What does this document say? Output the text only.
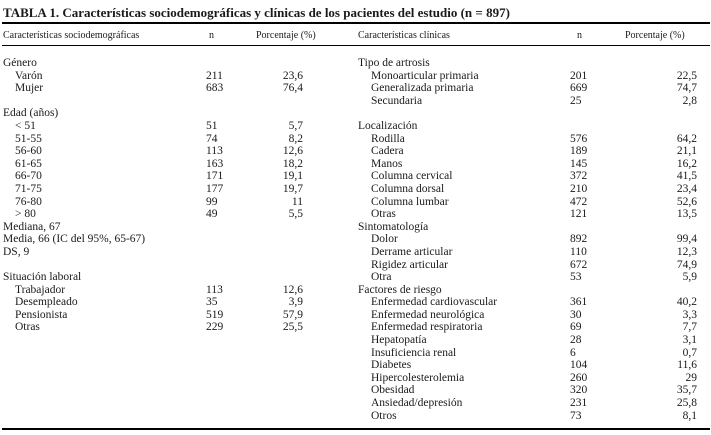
TABLA 1. Características sociodemográficas y clínicas de los pacientes del estudio (n = 897)
Características sociodemográficas	n	Porcentaje (%)	Características clínicas	n	Porcentaje (%)
Género
Varón	211	23,6
Mujer	683	76,4
Edad (años)
< 51	51	5,7
51-55	74	8,2
56-60	113	12,6
61-65	163	18,2
66-70	171	19,1
71-75	177	19,7
76-80	99	11
> 80	49	5,5
Mediana, 67
Media, 66 (IC del 95%, 65-67)
DS, 9
Situación laboral
Trabajador	113	12,6
Desempleado	35	3,9
Pensionista	519	57,9
Otras	229	25,5
Tipo de artrosis
Monoarticular primaria	201	22,5
Generalizada primaria	669	74,7
Secundaria	25	2,8
Localización
Rodilla	576	64,2
Cadera	189	21,1
Manos	145	16,2
Columna cervical	372	41,5
Columna dorsal	210	23,4
Columna lumbar	472	52,6
Otras	121	13,5
Sintomatología
Dolor	892	99,4
Derrame articular	110	12,3
Rigidez articular	672	74,9
Otra	53	5,9
Factores de riesgo
Enfermedad cardiovascular	361	40,2
Enfermedad neurológica	30	3,3
Enfermedad respiratoria	69	7,7
Hepatopatía	28	3,1
Insuficiencia renal	6	0,7
Diabetes	104	11,6
Hipercolesterolemia	260	29
Obesidad	320	35,7
Ansiedad/depresión	231	25,8
Otros	73	8,1
